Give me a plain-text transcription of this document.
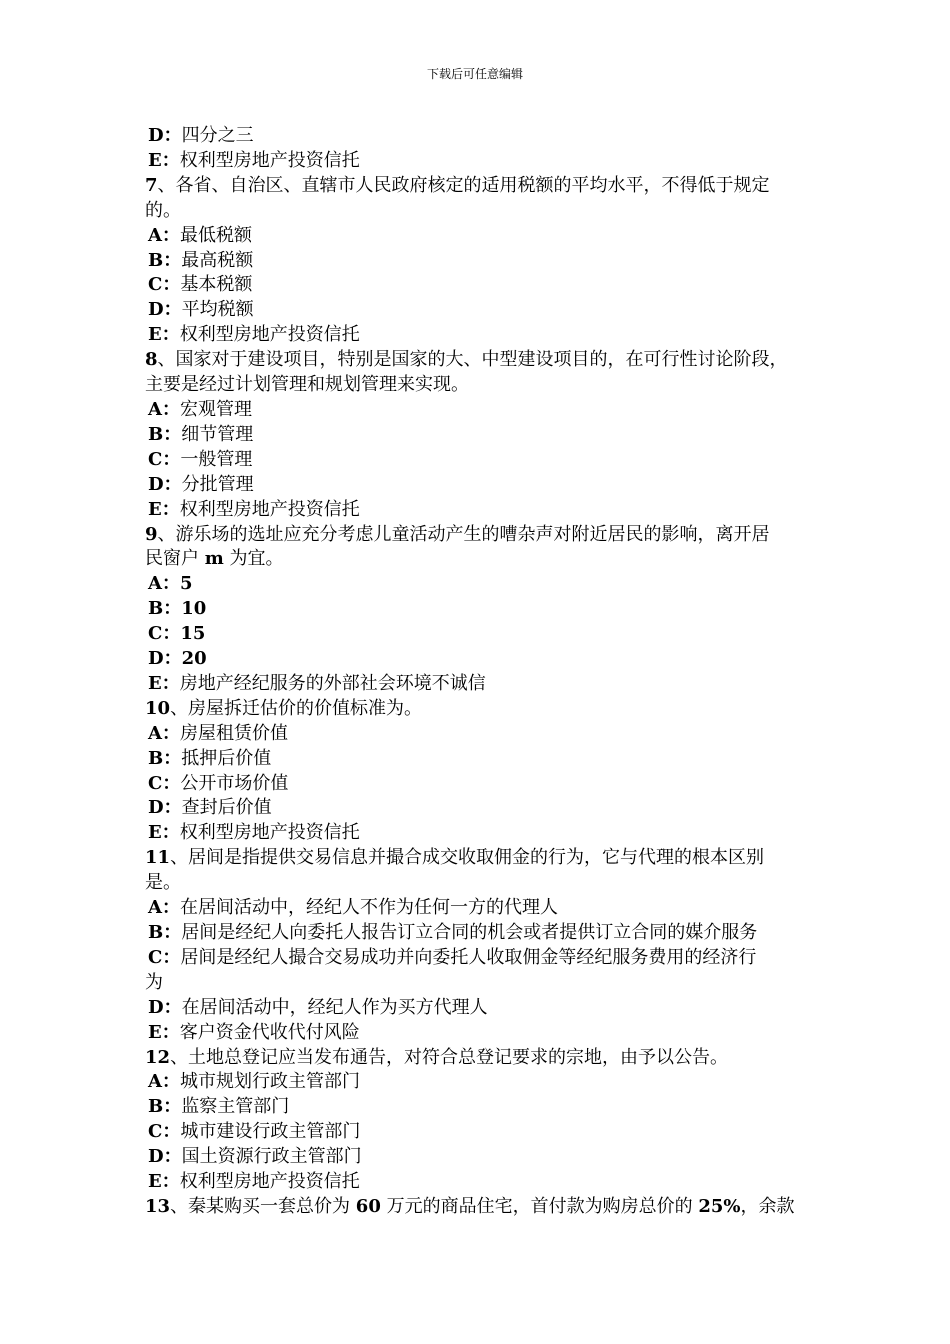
下载后可任意编辑
D：四分之三
E：权利型房地产投资信托
7、各省、自治区、直辖市人民政府核定的适用税额的平均水平，不得低于规定
的。
A：最低税额
B：最高税额
C：基本税额
D：平均税额
E：权利型房地产投资信托
8、国家对于建设项目，特别是国家的大、中型建设项目的，在可行性讨论阶段，
主要是经过计划管理和规划管理来实现。
A：宏观管理
B：细节管理
C：一般管理
D：分批管理
E：权利型房地产投资信托
9、游乐场的选址应充分考虑儿童活动产生的嘈杂声对附近居民的影响，离开居
民窗户 m 为宜。
A：5
B：10
C：15
D：20
E：房地产经纪服务的外部社会环境不诚信
10、房屋拆迁估价的价值标准为。
A：房屋租赁价值
B：抵押后价值
C：公开市场价值
D：查封后价值
E：权利型房地产投资信托
11、居间是指提供交易信息并撮合成交收取佣金的行为，它与代理的根本区别
是。
A：在居间活动中，经纪人不作为任何一方的代理人
B：居间是经纪人向委托人报告订立合同的机会或者提供订立合同的媒介服务
C：居间是经纪人撮合交易成功并向委托人收取佣金等经纪服务费用的经济行
为
D：在居间活动中，经纪人作为买方代理人
E：客户资金代收代付风险
12、土地总登记应当发布通告，对符合总登记要求的宗地，由予以公告。
A：城市规划行政主管部门
B：监察主管部门
C：城市建设行政主管部门
D：国土资源行政主管部门
E：权利型房地产投资信托
13、秦某购买一套总价为 60 万元的商品住宅，首付款为购房总价的 25%，余款
